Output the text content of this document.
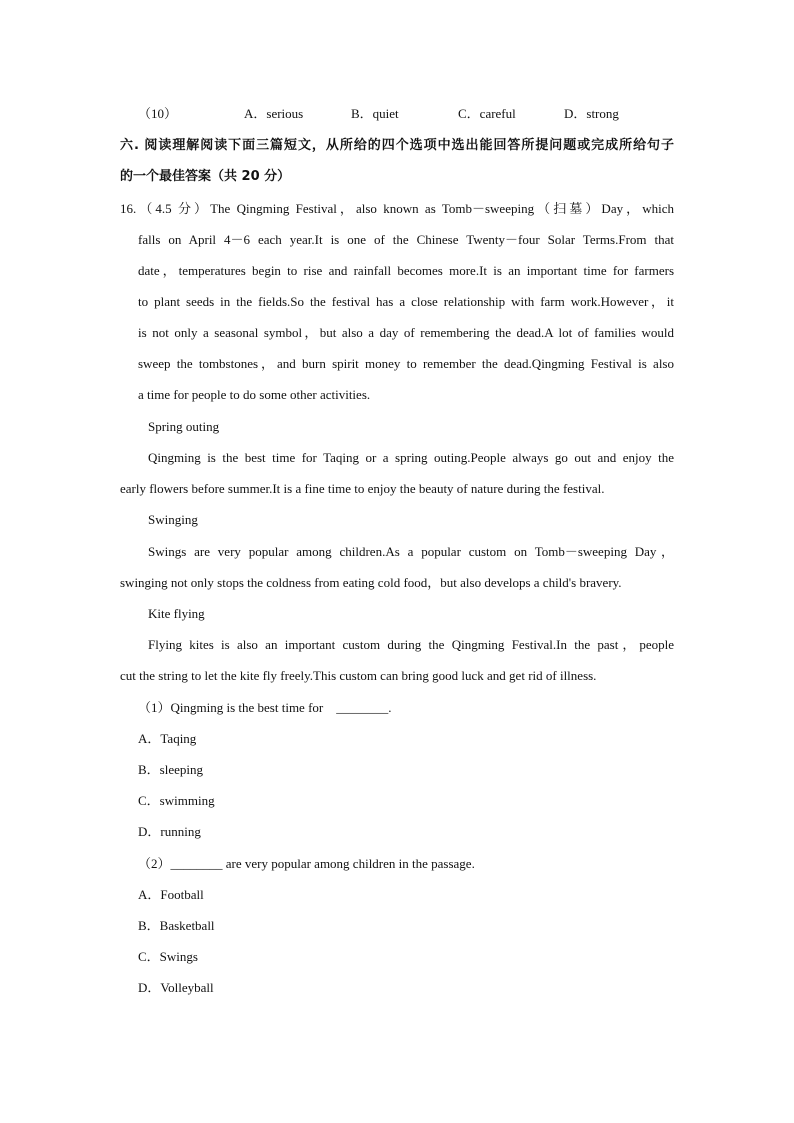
（10）	A．serious	B．quiet	C．careful	D．strong
六. 阅读理解阅读下面三篇短文，从所给的四个选项中选出能回答所提问题或完成所给句子
的一个最佳答案（共 20 分）
16.（4.5 分）The Qingming Festival，also known as Tomb－sweeping（扫墓）Day，which
falls on April 4－6 each year.It is one of the Chinese Twenty－four Solar Terms.From that
date，temperatures begin to rise and rainfall becomes more.It is an important time for farmers
to plant seeds in the fields.So the festival has a close relationship with farm work.However，it
is not only a seasonal symbol，but also a day of remembering the dead.A lot of families would
sweep the tombstones，and burn spirit money to remember the dead.Qingming Festival is also
a time for people to do some other activities.
Spring outing
Qingming is the best time for Taqing or a spring outing.People always go out and enjoy the
early flowers before summer.It is a fine time to enjoy the beauty of nature during the festival.
Swinging
Swings are very popular among children.As a popular custom on Tomb－sweeping Day，
swinging not only stops the coldness from eating cold food，but also develops a child's bravery.
Kite flying
Flying kites is also an important custom during the Qingming Festival.In the past，people
cut the string to let the kite fly freely.This custom can bring good luck and get rid of illness.
（1）Qingming is the best time for　________.
A．Taqing
B．sleeping
C．swimming
D．running
（2）________ are very popular among children in the passage.
A．Football
B．Basketball
C．Swings
D．Volleyball
